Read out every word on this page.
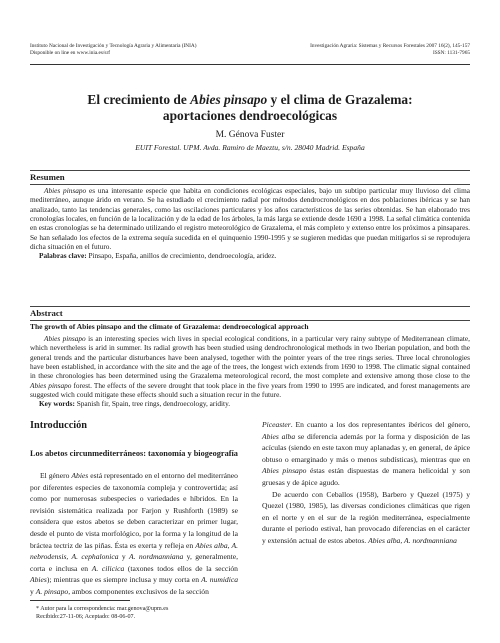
Instituto Nacional de Investigación y Tecnología Agraria y Alimentaria (INIA)
Disponible on line en www.inia.es/srf
Investigación Agraria: Sistemas y Recursos Forestales 2007 16(2), 145-157
ISSN: 1131-7965
El crecimiento de Abies pinsapo y el clima de Grazalema:
aportaciones dendroecológicas
M. Génova Fuster
EUIT Forestal. UPM. Avda. Ramiro de Maeztu, s/n. 28040 Madrid. España
Resumen

Abies pinsapo es una interesante especie que habita en condiciones ecológicas especiales, bajo un subtipo particular muy lluvioso del clima mediterráneo, aunque árido en verano. Se ha estudiado el crecimiento radial por métodos dendrocronológicos en dos poblaciones ibéricas y se han analizado, tanto las tendencias generales, como las oscilaciones particulares y los años característicos de las series obtenidas. Se han elaborado tres cronologías locales, en función de la localización y de la edad de los árboles, la más larga se extiende desde 1690 a 1998. La señal climática contenida en estas cronologías se ha determinado utilizando el registro meteorológico de Grazalema, el más completo y extenso entre los próximos a pinsapares. Se han señalado los efectos de la extrema sequía sucedida en el quinquenio 1990-1995 y se sugieren medidas que puedan mitigarlos si se reprodujera dicha situación en el futuro.

Palabras clave: Pinsapo, España, anillos de crecimiento, dendroecología, aridez.

Abstract
The growth of Abies pinsapo and the climate of Grazalema: dendroecological approach

Abies pinsapo is an interesting species wich lives in special ecological conditions, in a particular very rainy subtype of Mediterranean climate, which nevertheless is arid in summer. Its radial growth has been studied using dendrochronological methods in two Iberian population, and both the general trends and the particular disturbances have been analysed, together with the pointer years of the tree rings series. Three local chronologies have been established, in accordance with the site and the age of the trees, the longest wich extends from 1690 to 1998. The climatic signal contained in these chronologies has been determined using the Grazalema meteorological record, the most complete and extensive among those close to the Abies pinsapo forest. The effects of the severe drought that took place in the five years from 1990 to 1995 are indicated, and forest managements are suggested wich could mitigate these effects should such a situation recur in the future.

Key words: Spanish fir, Spain, tree rings, dendroecology, aridity.

Introducción
Los abetos circunmediterráneos: taxonomía y biogeografía

El género Abies está representado en el entorno del mediterráneo por diferentes especies de taxonomía compleja y controvertida; así como por numerosas subespecies o variedades e híbridos. En la revisión sistemática realizada por Farjon y Rushforth (1989) se considera que estos abetos se deben caracterizar en primer lugar, desde el punto de vista morfológico, por la forma y la longitud de la bráctea tectriz de las piñas. Ésta es exerta y refleja en Abies alba, A. nebrodensis, A. cephalonica y A. nordmanniana y, generalmente, corta e inclusa en A. cilicica (taxones todos ellos de la sección Abies); mientras que es siempre inclusa y muy corta en A. numidica y A. pinsapo, ambos componentes exclusivos de la sección

Piceaster. En cuanto a los dos representantes ibéricos del género, Abies alba se diferencia además por la forma y disposición de las acículas (siendo en este taxon muy aplanadas y, en general, de ápice obtuso o emarginado y más o menos subdísticas), mientras que en Abies pinsapo éstas están dispuestas de manera helicoidal y son gruesas y de ápice agudo.

De acuerdo con Ceballos (1958), Barbero y Quezel (1975) y Quezel (1980, 1985), las diversas condiciones climáticas que rigen en el norte y en el sur de la región mediterránea, especialmente durante el periodo estival, han provocado diferencias en el carácter y extensión actual de estos abetos. Abies alba, A. nordmanniana

* Autor para la correspondencia: mar.genova@upm.es
Recibido:27-11-06; Aceptado: 08-06-07.
